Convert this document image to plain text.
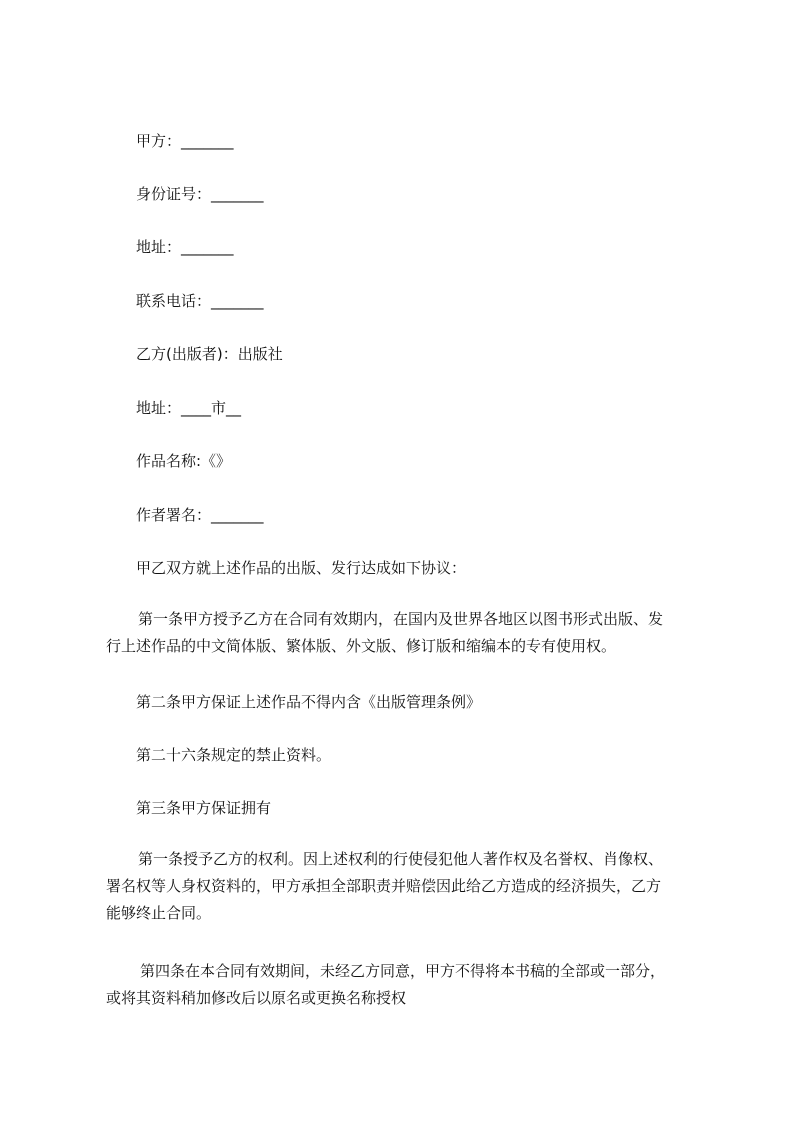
甲方：_______

身份证号：_______

地址：_______

联系电话：_______

乙方(出版者)：出版社

地址：____市__

作品名称:《》

作者署名：_______

甲乙双方就上述作品的出版、发行达成如下协议：

第一条甲方授予乙方在合同有效期内，在国内及世界各地区以图书形式出版、发
行上述作品的中文简体版、繁体版、外文版、修订版和缩编本的专有使用权。

第二条甲方保证上述作品不得内含《出版管理条例》

第二十六条规定的禁止资料。

第三条甲方保证拥有

第一条授予乙方的权利。因上述权利的行使侵犯他人著作权及名誉权、肖像权、
署名权等人身权资料的，甲方承担全部职责并赔偿因此给乙方造成的经济损失，乙方
能够终止合同。
第四条在本合同有效期间，未经乙方同意，甲方不得将本书稿的全部或一部分，
或将其资料稍加修改后以原名或更换名称授权
